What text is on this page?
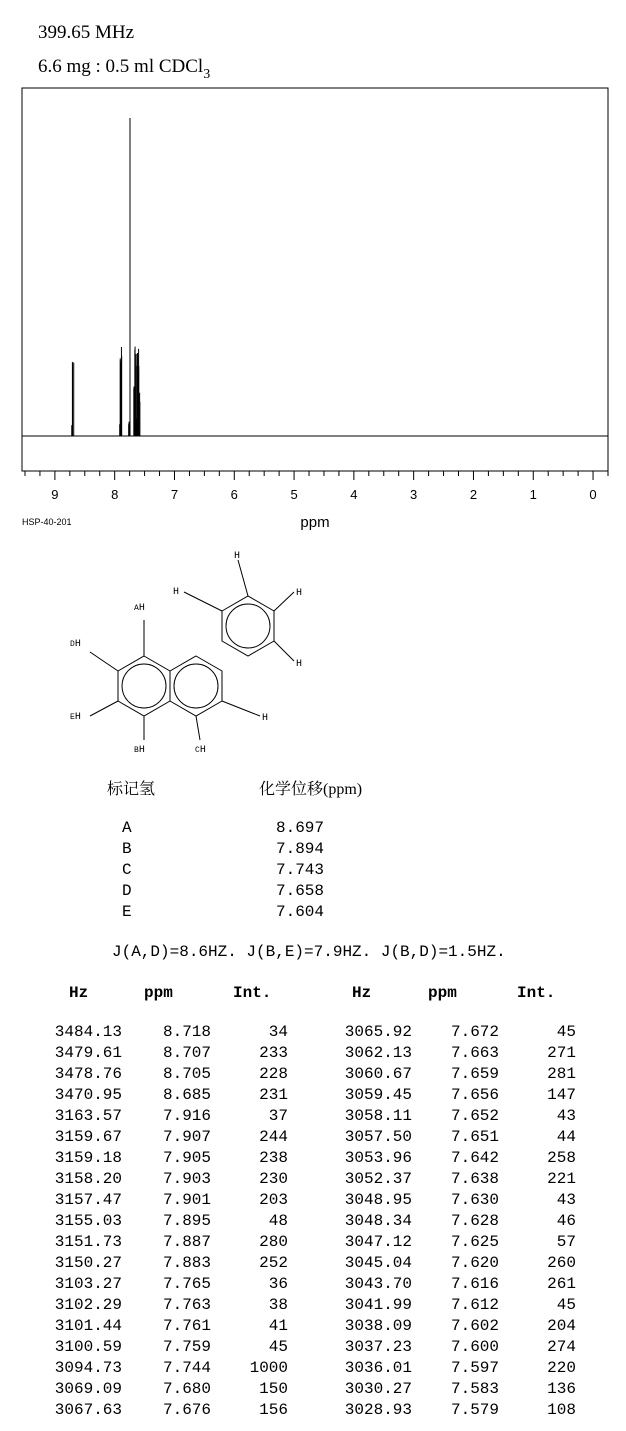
399.65 MHz
6.6 mg : 0.5 ml CDCl$_3$
9	8	7	6	5	4	3	2	1	0
ppm
HSP-40-201
AH
DH
EH
BH	CH
H
H
H
H
H
标记氢	化学位移(ppm)
A	8.697
B	7.894
C	7.743
D	7.658
E	7.604
J(A,D)=8.6HZ. J(B,E)=7.9HZ. J(B,D)=1.5HZ.
Hz	ppm	Int.	Hz	ppm	Int.
3484.13	8.718	34
3479.61	8.707	233
3478.76	8.705	228
3470.95	8.685	231
3163.57	7.916	37
3159.67	7.907	244
3159.18	7.905	238
3158.20	7.903	230
3157.47	7.901	203
3155.03	7.895	48
3151.73	7.887	280
3150.27	7.883	252
3103.27	7.765	36
3102.29	7.763	38
3101.44	7.761	41
3100.59	7.759	45
3094.73	7.744 1000
3069.09	7.680	150
3067.63	7.676	156
3065.92 7.672	45
3062.13 7.663	271
3060.67 7.659	281
3059.45 7.656	147
3058.11 7.652	43
3057.50 7.651	44
3053.96 7.642	258
3052.37 7.638	221
3048.95 7.630	43
3048.34 7.628	46
3047.12 7.625	57
3045.04 7.620	260
3043.70 7.616	261
3041.99 7.612	45
3038.09 7.602	204
3037.23 7.600	274
3036.01 7.597	220
3030.27 7.583	136
3028.93 7.579	108
